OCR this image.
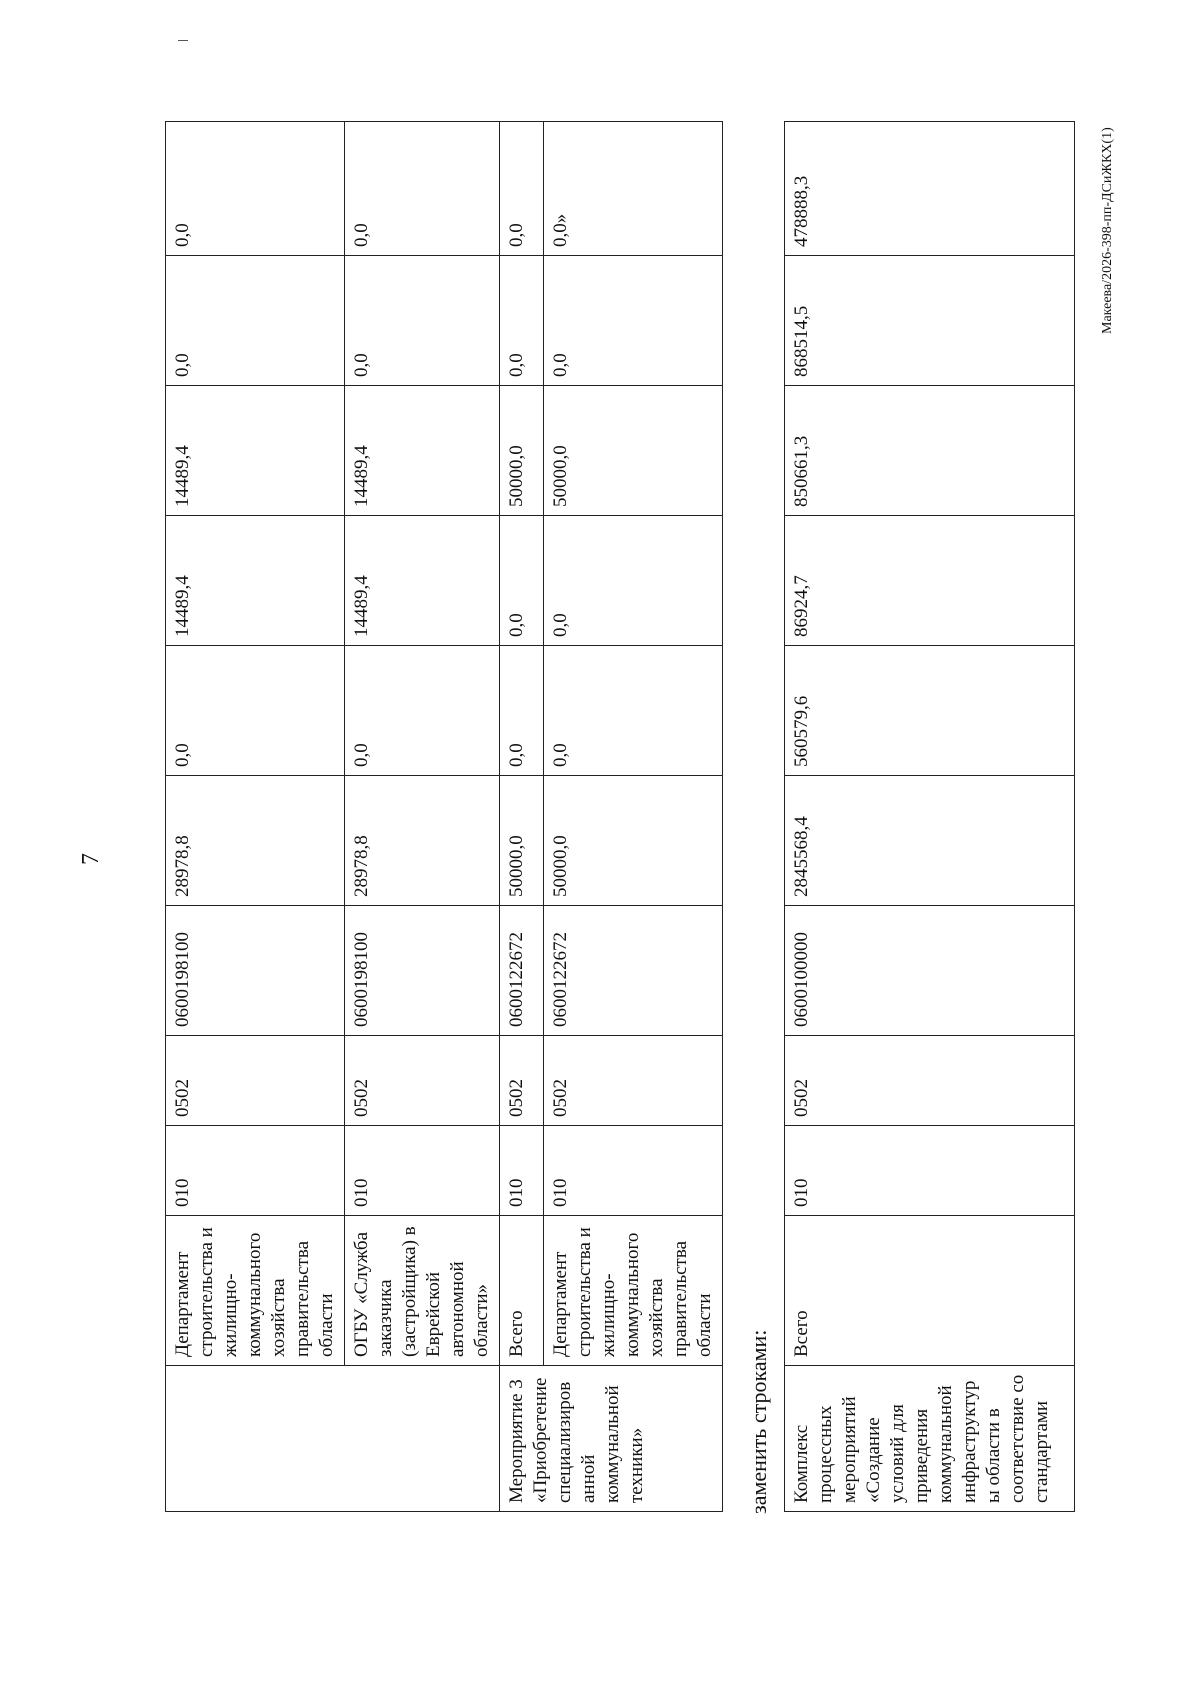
7
	Департамент строительства и жилищно-коммунального хозяйства правительства области	010	0502	0600198100	28978,8	0,0	14489,4	14489,4	0,0	0,0
	ОГБУ «Служба заказчика (застройщика) в Еврейской автономной области»	010	0502	0600198100	28978,8	0,0	14489,4	14489,4	0,0	0,0
Мероприятие 3 «Приобретение специализированной коммунальной техники»	Всего	010	0502	0600122672	50000,0	0,0	0,0	50000,0	0,0	0,0
	Департамент строительства и жилищно-коммунального хозяйства правительства области	010	0502	0600122672	50000,0	0,0	0,0	50000,0	0,0	0,0»
заменить строками: Комплекс процессных мероприятий «Создание условий для приведения коммунальной инфраструктуры области в соответствие со стандартами	Всего	010	0502	0600100000	2845568,4	560579,6	86924,7	850661,3	868514,5	478888,3	Макеева/2026-398-пп-ДСиЖКХ(1)
